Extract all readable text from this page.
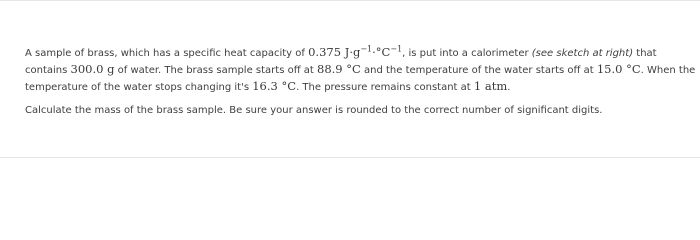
A sample of brass, which has a specific heat capacity of 0.375 $J\cdot g^{-1}\cdot^\circ C^{-1}$, is put into a calorimeter (see sketch at right) that
contains 300.0 g of water. The brass sample starts off at 88.9 °C and the temperature of the water starts off at 15.0 °C. When the
temperature of the water stops changing it's 16.3 °C. The pressure remains constant at 1 atm.
Calculate the mass of the brass sample. Be sure your answer is rounded to the correct number of significant digits.
